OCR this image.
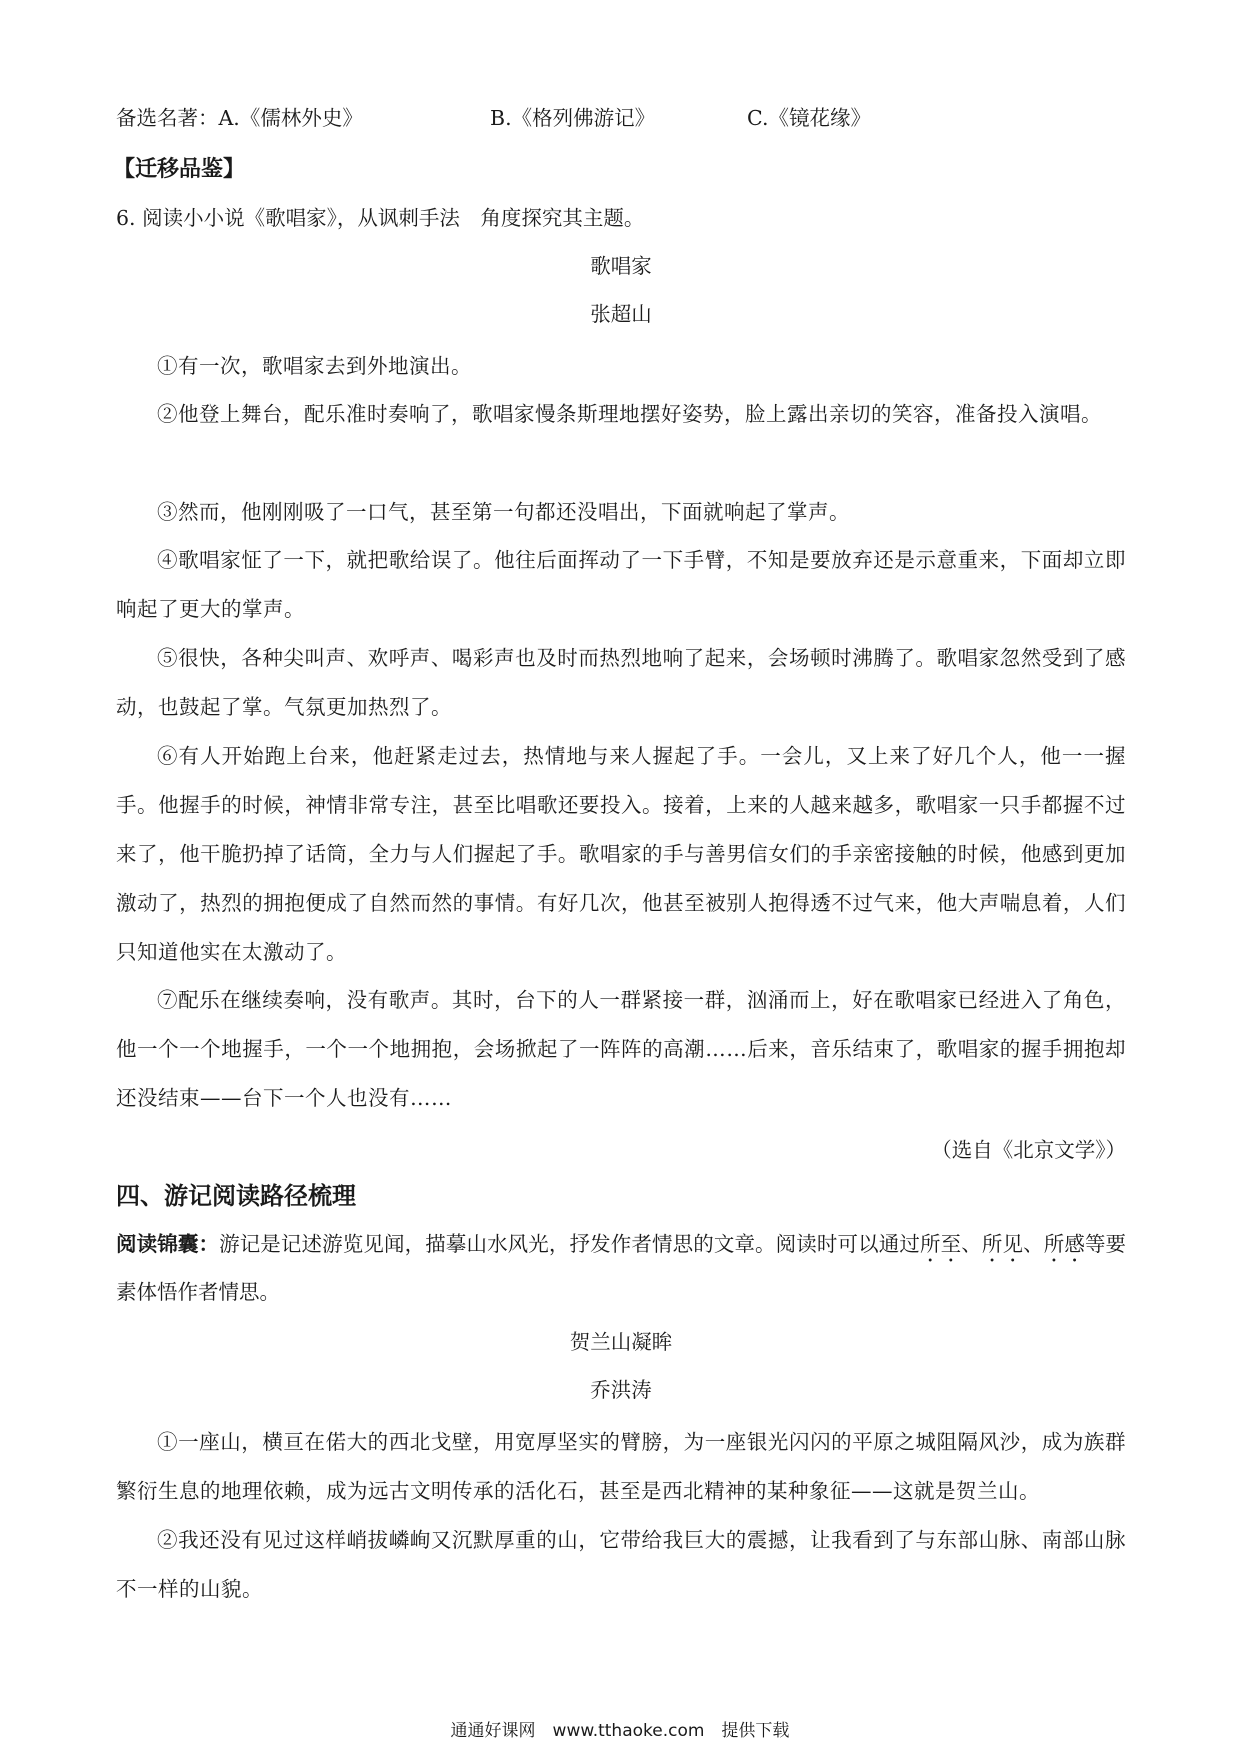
备选名著：A.《儒林外史》	B.《格列佛游记》	C.《镜花缘》
【迁移品鉴】
6. 阅读小小说《歌唱家》，从讽刺手法　角度探究其主题。
歌唱家
张超山

①有一次，歌唱家去到外地演出。

②他登上舞台，配乐准时奏响了，歌唱家慢条斯理地摆好姿势，脸上露出亲切的笑容，准备投入演唱。

③然而，他刚刚吸了一口气，甚至第一句都还没唱出，下面就响起了掌声。

④歌唱家怔了一下，就把歌给误了。他往后面挥动了一下手臂，不知是要放弃还是示意重来，下面却立即响起了更大的掌声。

⑤很快，各种尖叫声、欢呼声、喝彩声也及时而热烈地响了起来，会场顿时沸腾了。歌唱家忽然受到了感动，也鼓起了掌。气氛更加热烈了。

⑥有人开始跑上台来，他赶紧走过去，热情地与来人握起了手。一会儿，又上来了好几个人，他一一握手。他握手的时候，神情非常专注，甚至比唱歌还要投入。接着，上来的人越来越多，歌唱家一只手都握不过来了，他干脆扔掉了话筒，全力与人们握起了手。歌唱家的手与善男信女们的手亲密接触的时候，他感到更加激动了，热烈的拥抱便成了自然而然的事情。有好几次，他甚至被别人抱得透不过气来，他大声喘息着，人们只知道他实在太激动了。

⑦配乐在继续奏响，没有歌声。其时，台下的人一群紧接一群，汹涌而上，好在歌唱家已经进入了角色，他一个一个地握手，一个一个地拥抱，会场掀起了一阵阵的高潮……后来，音乐结束了，歌唱家的握手拥抱却还没结束——台下一个人也没有……

（选自《北京文学》）
四、游记阅读路径梳理

阅读锦囊：游记是记述游览见闻，描摹山水风光，抒发作者情思的文章。阅读时可以通过所至、所见、所感等要素体悟作者情思。

贺兰山凝眸
乔洪涛

①一座山，横亘在偌大的西北戈壁，用宽厚坚实的臂膀，为一座银光闪闪的平原之城阻隔风沙，成为族群繁衍生息的地理依赖，成为远古文明传承的活化石，甚至是西北精神的某种象征——这就是贺兰山。

②我还没有见过这样峭拔嶙峋又沉默厚重的山，它带给我巨大的震撼，让我看到了与东部山脉、南部山脉不一样的山貌。

通通好课网　www.tthaoke.com　提供下载
